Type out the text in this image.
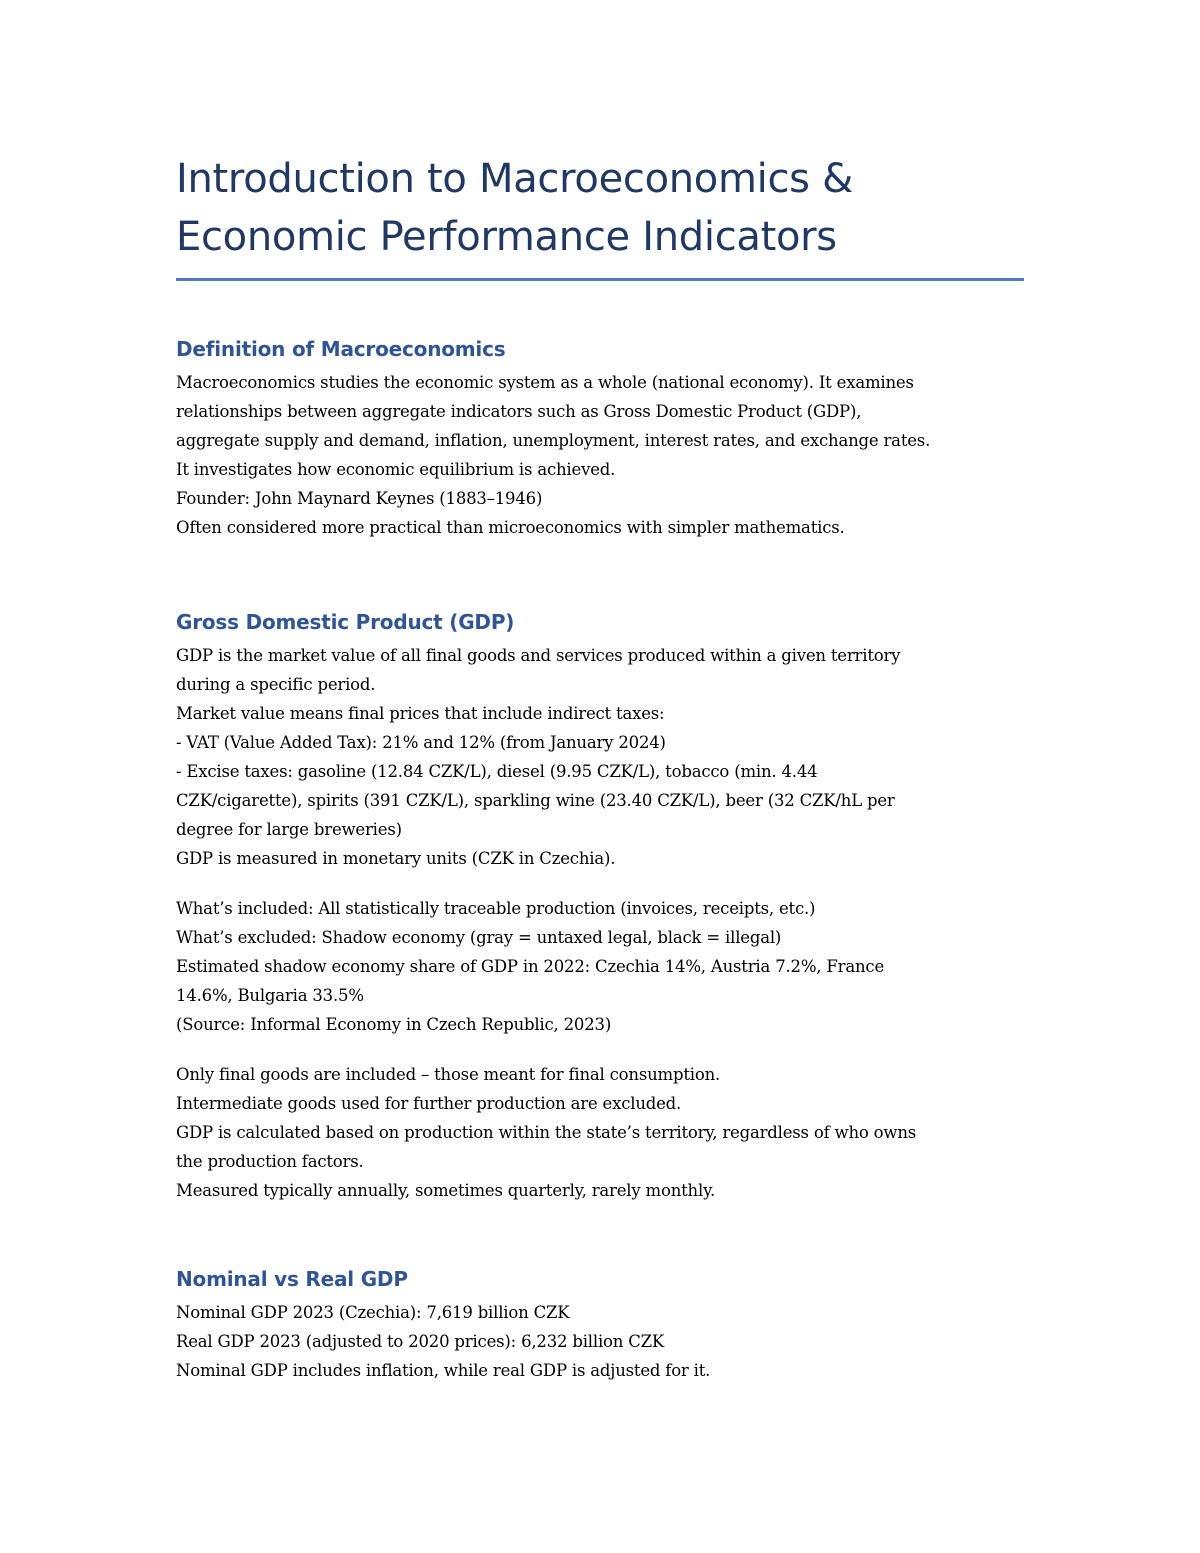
Introduction to Macroeconomics &
Economic Performance Indicators
Definition of Macroeconomics

Macroeconomics studies the economic system as a whole (national economy). It examines
relationships between aggregate indicators such as Gross Domestic Product (GDP),
aggregate supply and demand, inflation, unemployment, interest rates, and exchange rates.
It investigates how economic equilibrium is achieved.
Founder: John Maynard Keynes (1883–1946)
Often considered more practical than microeconomics with simpler mathematics.

Gross Domestic Product (GDP)

GDP is the market value of all final goods and services produced within a given territory
during a specific period.
Market value means final prices that include indirect taxes:
- VAT (Value Added Tax): 21% and 12% (from January 2024)
- Excise taxes: gasoline (12.84 CZK/L), diesel (9.95 CZK/L), tobacco (min. 4.44
CZK/cigarette), spirits (391 CZK/L), sparkling wine (23.40 CZK/L), beer (32 CZK/hL per
degree for large breweries)
GDP is measured in monetary units (CZK in Czechia).

What’s included: All statistically traceable production (invoices, receipts, etc.)
What’s excluded: Shadow economy (gray = untaxed legal, black = illegal)
Estimated shadow economy share of GDP in 2022: Czechia 14%, Austria 7.2%, France
14.6%, Bulgaria 33.5%
(Source: Informal Economy in Czech Republic, 2023)

Only final goods are included – those meant for final consumption.
Intermediate goods used for further production are excluded.
GDP is calculated based on production within the state’s territory, regardless of who owns
the production factors.
Measured typically annually, sometimes quarterly, rarely monthly.

Nominal vs Real GDP

Nominal GDP 2023 (Czechia): 7,619 billion CZK
Real GDP 2023 (adjusted to 2020 prices): 6,232 billion CZK
Nominal GDP includes inflation, while real GDP is adjusted for it.
